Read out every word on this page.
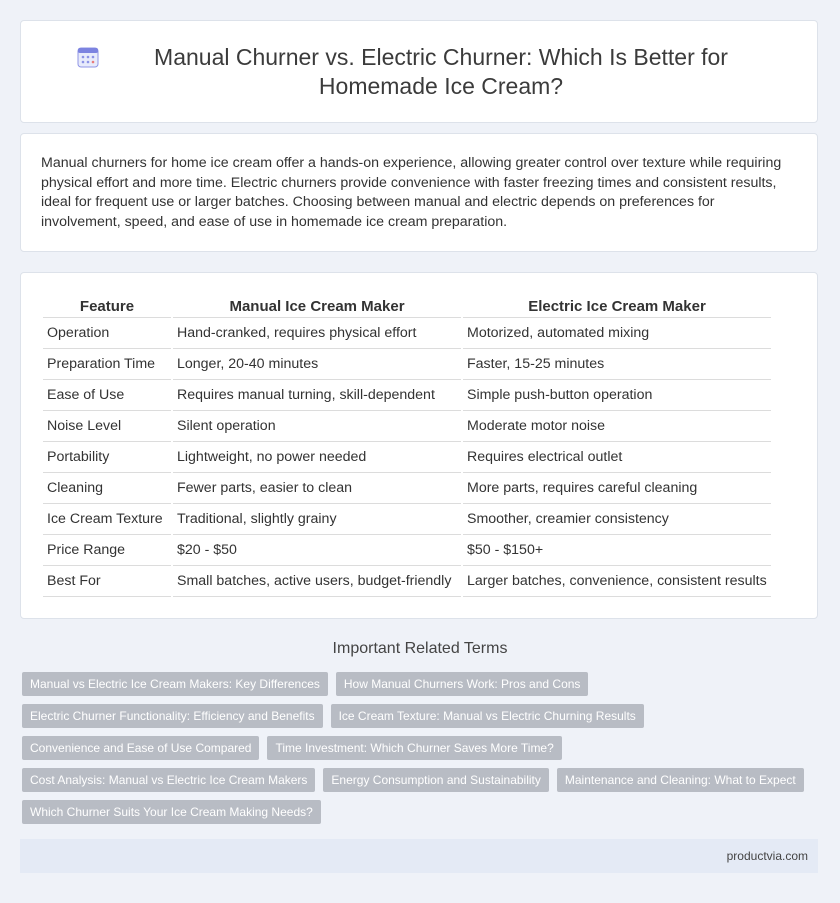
Manual Churner vs. Electric Churner: Which Is Better for Homemade Ice Cream?

Manual churners for home ice cream offer a hands-on experience, allowing greater control over texture while requiring physical effort and more time. Electric churners provide convenience with faster freezing times and consistent results, ideal for frequent use or larger batches. Choosing between manual and electric depends on preferences for involvement, speed, and ease of use in homemade ice cream preparation.

Feature	Manual Ice Cream Maker	Electric Ice Cream Maker
Operation	Hand-cranked, requires physical effort	Motorized, automated mixing
Preparation Time	Longer, 20-40 minutes	Faster, 15-25 minutes
Ease of Use	Requires manual turning, skill-dependent	Simple push-button operation
Noise Level	Silent operation	Moderate motor noise
Portability	Lightweight, no power needed	Requires electrical outlet
Cleaning	Fewer parts, easier to clean	More parts, requires careful cleaning
Ice Cream Texture	Traditional, slightly grainy	Smoother, creamier consistency
Price Range	$20 - $50	$50 - $150+
Best For	Small batches, active users, budget-friendly	Larger batches, convenience, consistent results
Important Related Terms
Manual vs Electric Ice Cream Makers: Key Differences	How Manual Churners Work: Pros and Cons
Electric Churner Functionality: Efficiency and Benefits	Ice Cream Texture: Manual vs Electric Churning Results
Convenience and Ease of Use Compared	Time Investment: Which Churner Saves More Time?
Cost Analysis: Manual vs Electric Ice Cream Makers	Energy Consumption and Sustainability	Maintenance and Cleaning: What to Expect
Which Churner Suits Your Ice Cream Making Needs?
productvia.com
